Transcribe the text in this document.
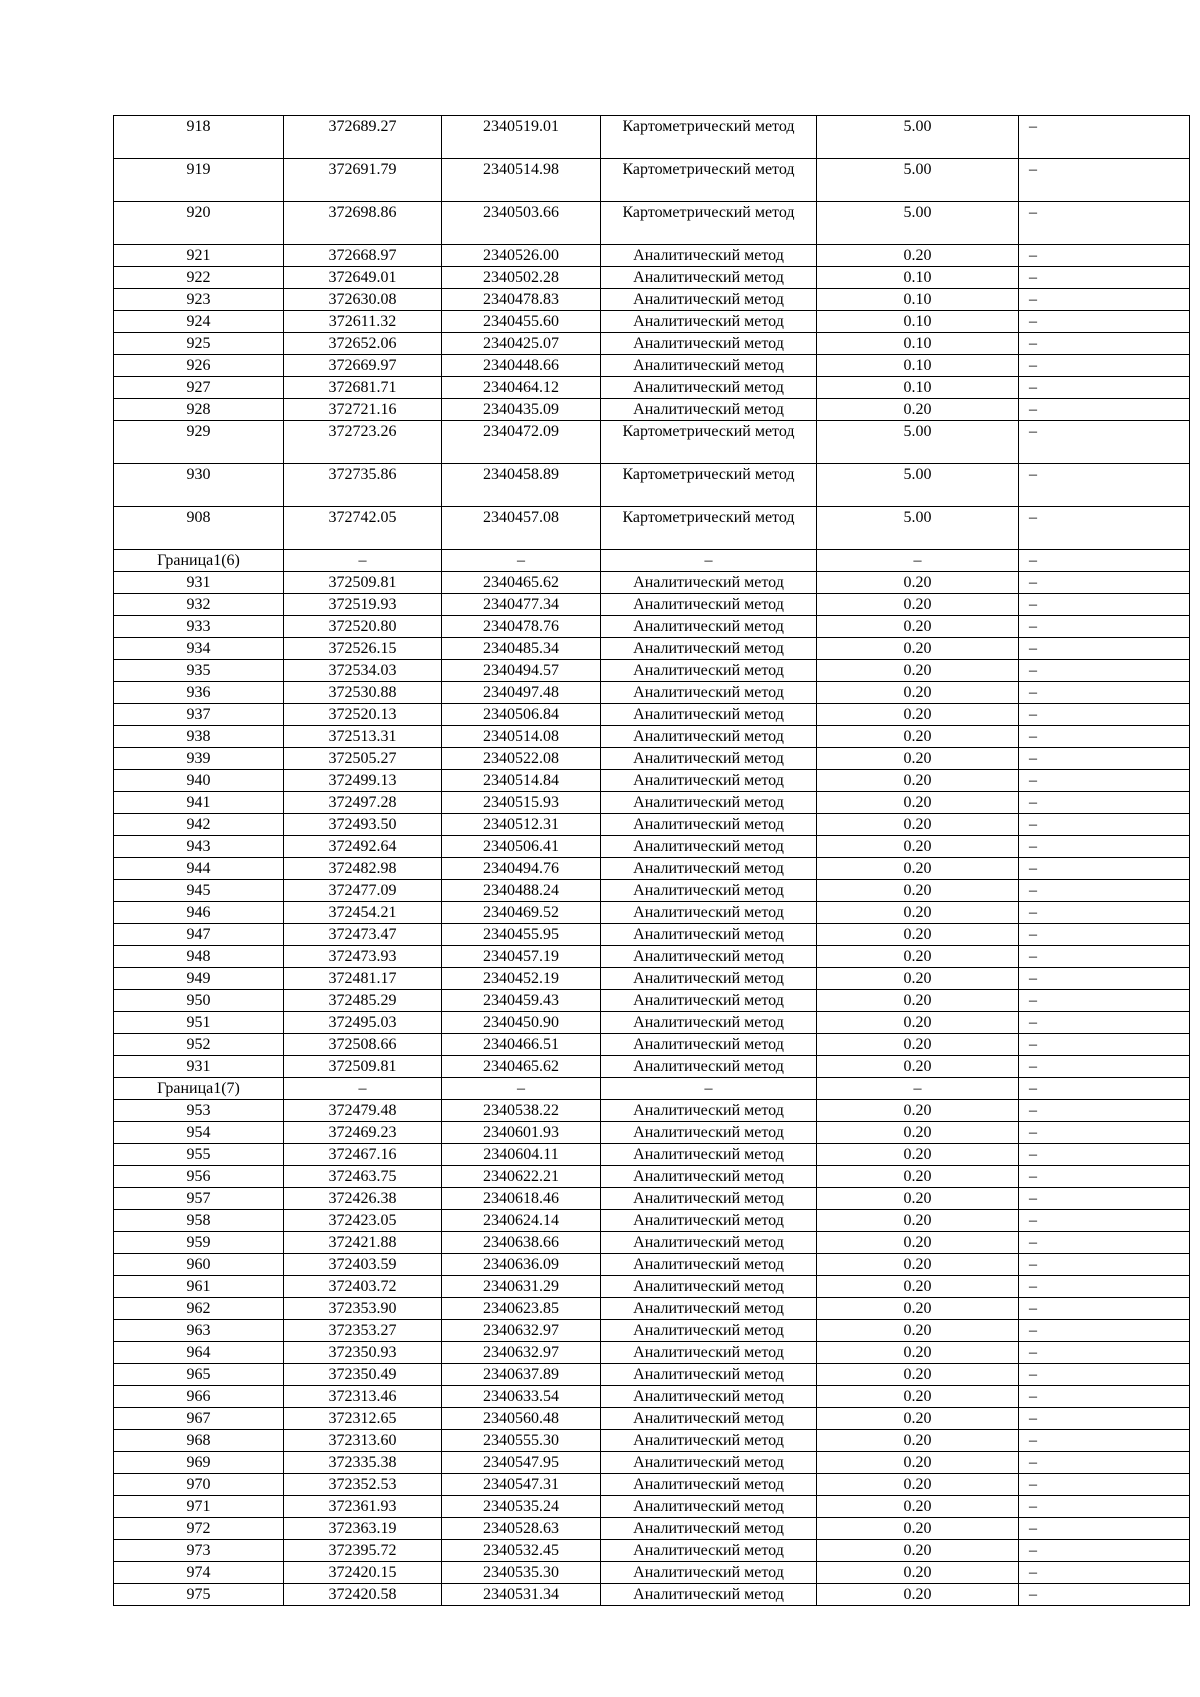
918	372689.27	2340519.01	Картометрический метод	5.00	–
919	372691.79	2340514.98	Картометрический метод	5.00	–
920	372698.86	2340503.66	Картометрический метод	5.00	–
921	372668.97	2340526.00	Аналитический метод	0.20	–
922	372649.01	2340502.28	Аналитический метод	0.10	–
923	372630.08	2340478.83	Аналитический метод	0.10	–
924	372611.32	2340455.60	Аналитический метод	0.10	–
925	372652.06	2340425.07	Аналитический метод	0.10	–
926	372669.97	2340448.66	Аналитический метод	0.10	–
927	372681.71	2340464.12	Аналитический метод	0.10	–
928	372721.16	2340435.09	Аналитический метод	0.20	–
929	372723.26	2340472.09	Картометрический метод	5.00	–
930	372735.86	2340458.89	Картометрический метод	5.00	–
908	372742.05	2340457.08	Картометрический метод	5.00	–
Граница1(6)	–	–	–	–	–
931	372509.81	2340465.62	Аналитический метод	0.20	–
932	372519.93	2340477.34	Аналитический метод	0.20	–
933	372520.80	2340478.76	Аналитический метод	0.20	–
934	372526.15	2340485.34	Аналитический метод	0.20	–
935	372534.03	2340494.57	Аналитический метод	0.20	–
936	372530.88	2340497.48	Аналитический метод	0.20	–
937	372520.13	2340506.84	Аналитический метод	0.20	–
938	372513.31	2340514.08	Аналитический метод	0.20	–
939	372505.27	2340522.08	Аналитический метод	0.20	–
940	372499.13	2340514.84	Аналитический метод	0.20	–
941	372497.28	2340515.93	Аналитический метод	0.20	–
942	372493.50	2340512.31	Аналитический метод	0.20	–
943	372492.64	2340506.41	Аналитический метод	0.20	–
944	372482.98	2340494.76	Аналитический метод	0.20	–
945	372477.09	2340488.24	Аналитический метод	0.20	–
946	372454.21	2340469.52	Аналитический метод	0.20	–
947	372473.47	2340455.95	Аналитический метод	0.20	–
948	372473.93	2340457.19	Аналитический метод	0.20	–
949	372481.17	2340452.19	Аналитический метод	0.20	–
950	372485.29	2340459.43	Аналитический метод	0.20	–
951	372495.03	2340450.90	Аналитический метод	0.20	–
952	372508.66	2340466.51	Аналитический метод	0.20	–
931	372509.81	2340465.62	Аналитический метод	0.20	–
Граница1(7)	–	–	–	–	–
953	372479.48	2340538.22	Аналитический метод	0.20	–
954	372469.23	2340601.93	Аналитический метод	0.20	–
955	372467.16	2340604.11	Аналитический метод	0.20	–
956	372463.75	2340622.21	Аналитический метод	0.20	–
957	372426.38	2340618.46	Аналитический метод	0.20	–
958	372423.05	2340624.14	Аналитический метод	0.20	–
959	372421.88	2340638.66	Аналитический метод	0.20	–
960	372403.59	2340636.09	Аналитический метод	0.20	–
961	372403.72	2340631.29	Аналитический метод	0.20	–
962	372353.90	2340623.85	Аналитический метод	0.20	–
963	372353.27	2340632.97	Аналитический метод	0.20	–
964	372350.93	2340632.97	Аналитический метод	0.20	–
965	372350.49	2340637.89	Аналитический метод	0.20	–
966	372313.46	2340633.54	Аналитический метод	0.20	–
967	372312.65	2340560.48	Аналитический метод	0.20	–
968	372313.60	2340555.30	Аналитический метод	0.20	–
969	372335.38	2340547.95	Аналитический метод	0.20	–
970	372352.53	2340547.31	Аналитический метод	0.20	–
971	372361.93	2340535.24	Аналитический метод	0.20	–
972	372363.19	2340528.63	Аналитический метод	0.20	–
973	372395.72	2340532.45	Аналитический метод	0.20	–
974	372420.15	2340535.30	Аналитический метод	0.20	–
975	372420.58	2340531.34	Аналитический метод	0.20	–
